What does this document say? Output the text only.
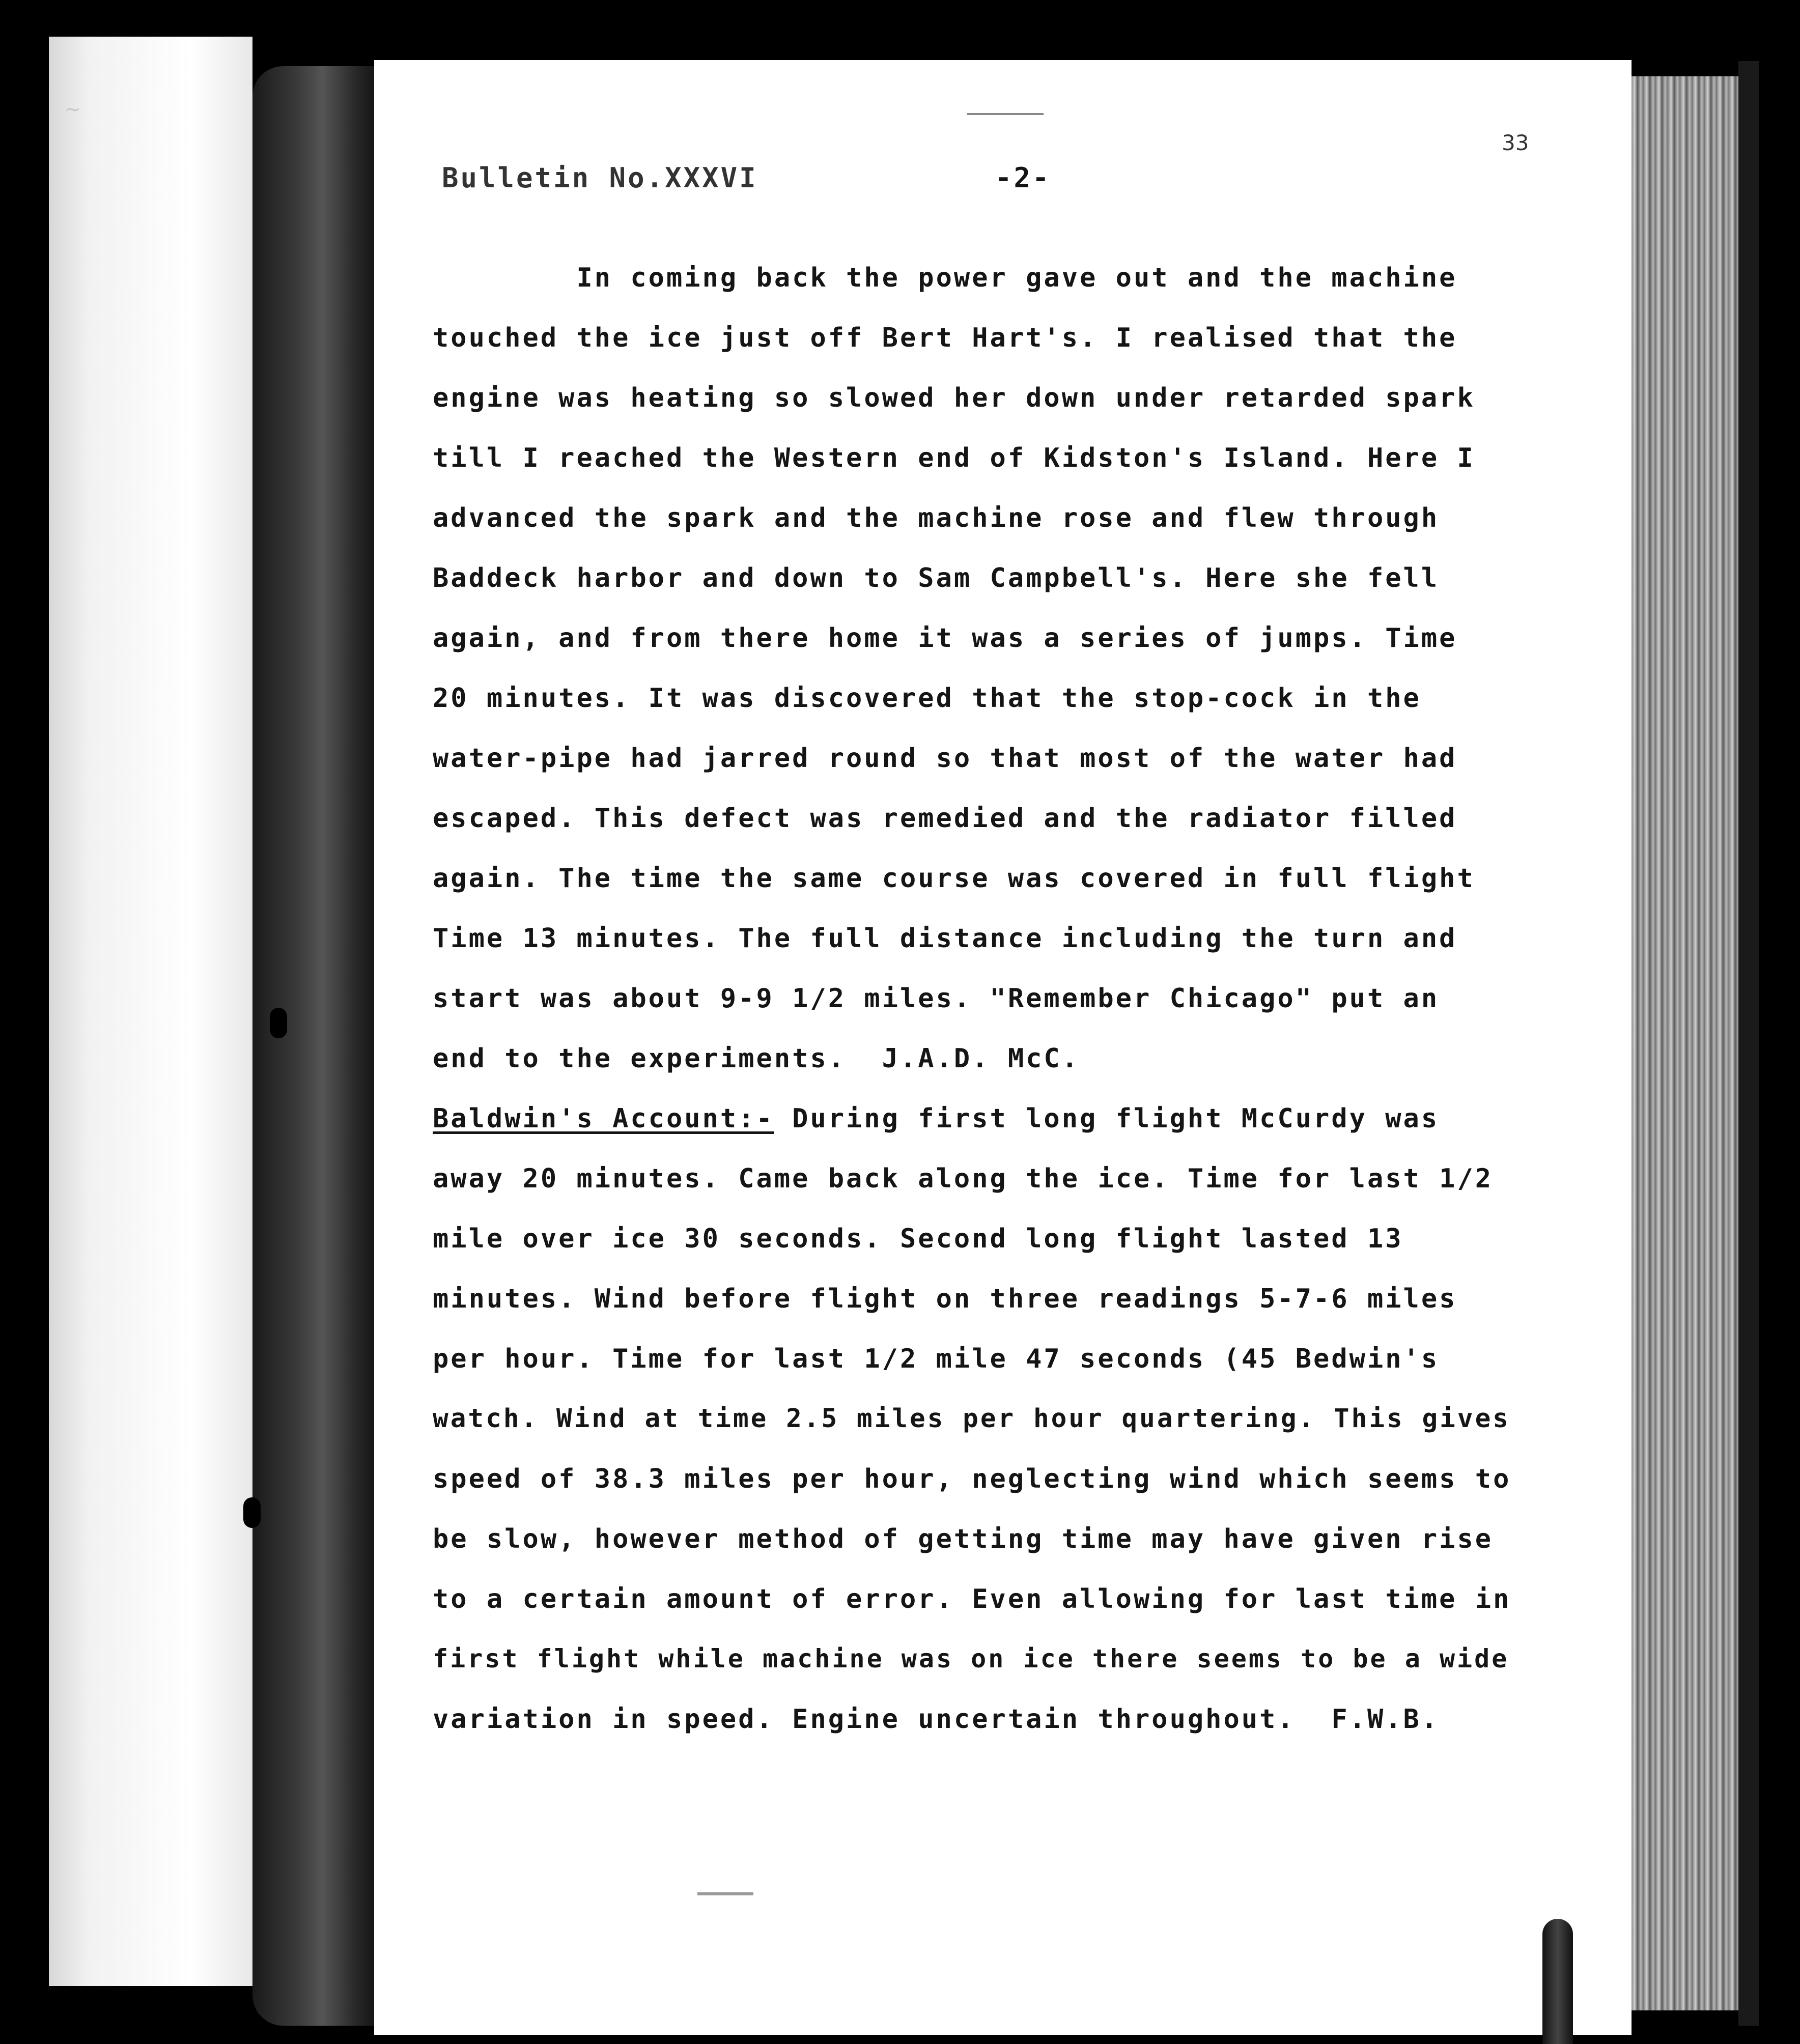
~
Bulletin No.XXXVI	-2-
33
In coming back the power gave out and the machine
touched the ice just off Bert Hart's. I realised that the
engine was heating so slowed her down under retarded spark
till I reached the Western end of Kidston's Island. Here I
advanced the spark and the machine rose and flew through
Baddeck harbor and down to Sam Campbell's. Here she fell
again, and from there home it was a series of jumps. Time
20 minutes. It was discovered that the stop-cock in the
water-pipe had jarred round so that most of the water had
escaped. This defect was remedied and the radiator filled
again. The time the same course was covered in full flight
Time 13 minutes. The full distance including the turn and
start was about 9-9 1/2 miles. "Remember Chicago" put an
end to the experiments.  J.A.D. McC.
Baldwin's Account:- During first long flight McCurdy was
away 20 minutes. Came back along the ice. Time for last 1/2
mile over ice 30 seconds. Second long flight lasted 13
minutes. Wind before flight on three readings 5-7-6 miles
per hour. Time for last 1/2 mile 47 seconds (45 Bedwin's
watch. Wind at time 2.5 miles per hour quartering. This gives
speed of 38.3 miles per hour, neglecting wind which seems to
be slow, however method of getting time may have given rise
to a certain amount of error. Even allowing for last time in
first flight while machine was on ice there seems to be a wide
variation in speed. Engine uncertain throughout.  F.W.B.
